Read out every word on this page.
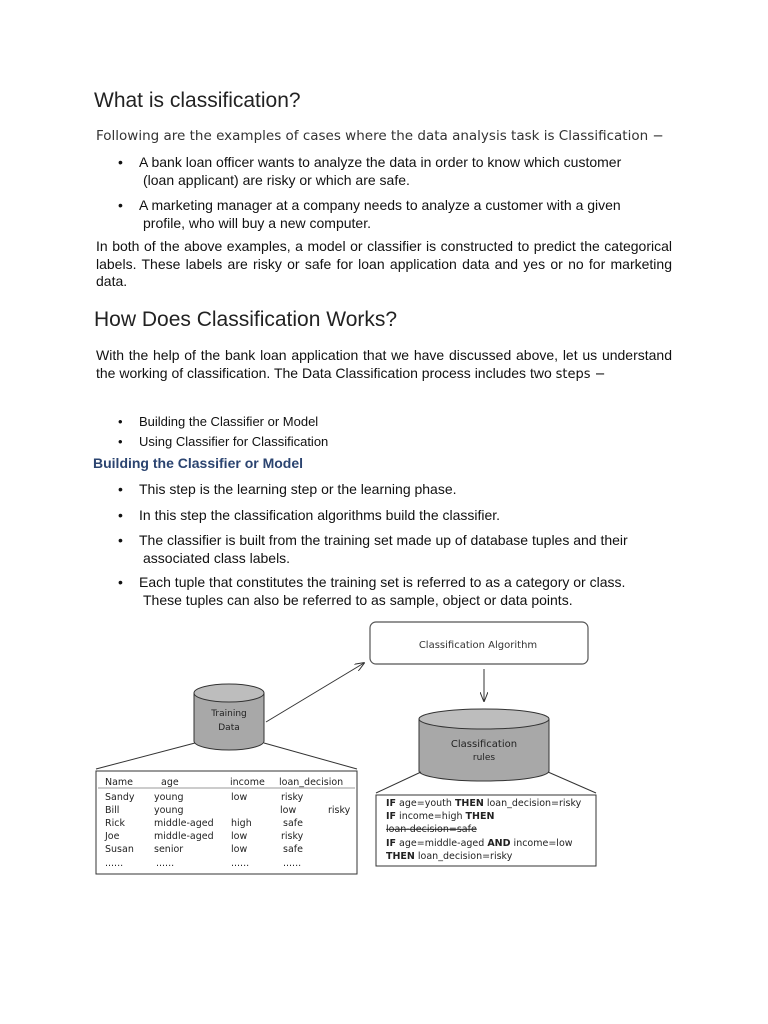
What is classification?
Following are the examples of cases where the data analysis task is Classification −
• A bank loan officer wants to analyze the data in order to know which customer
(loan applicant) are risky or which are safe.
• A marketing manager at a company needs to analyze a customer with a given
profile, who will buy a new computer.
In both of the above examples, a model or classifier is constructed to predict the categorical labels. These labels are risky or safe for loan application data and yes or no for marketing data.
How Does Classification Works?
With the help of the bank loan application that we have discussed above, let us understand the working of classification. The Data Classification process includes two steps −
• Building the Classifier or Model
• Using Classifier for Classification
Building the Classifier or Model
• This step is the learning step or the learning phase.
• In this step the classification algorithms build the classifier.
• The classifier is built from the training set made up of database tuples and their
associated class labels.
• Each tuple that constitutes the training set is referred to as a category or class.
These tuples can also be referred to as sample, object or data points.
Classification Algorithm
Training
Data
Classification
rules
Name	age	income loan_decision
Sandy young	low	risky
Bill	young	low	risky
Rick	middle-aged high	safe
Joe	middle-aged low	risky
Susan senior	low	safe
......	......	......	......
IF age=youth THEN loan_decision=risky
IF income=high THEN
loan-decision=safe
IF age=middle-aged AND income=low
THEN loan_decision=risky
